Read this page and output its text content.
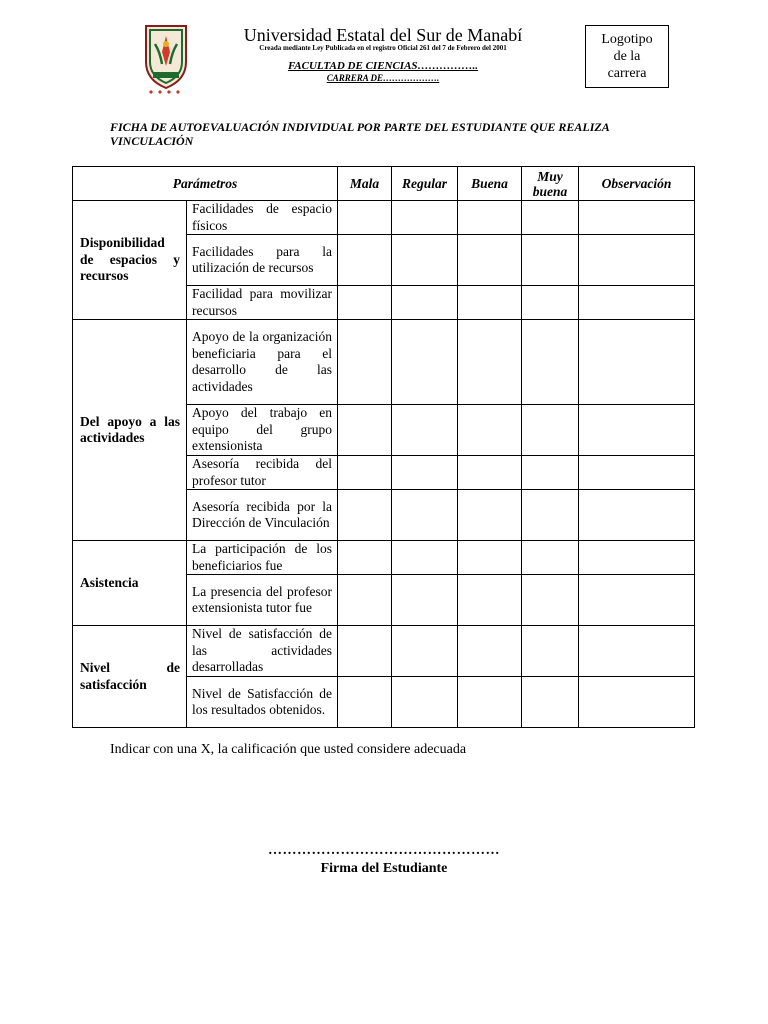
Universidad Estatal del Sur de Manabí
Creada mediante Ley Publicada en el registro Oficial 261 del 7 de Febrero del 2001
FACULTAD DE CIENCIAS……………..
CARRERA DE……………….
Logotipo de la carrera
FICHA DE AUTOEVALUACIÓN INDIVIDUAL POR PARTE DEL ESTUDIANTE QUE REALIZA VINCULACIÓN
Parámetros		Mala	Regular	Buena	Muy buena	Observación

Disponibilidad de espacios y recursos	Facilidades de espacio físicos					
	Facilidades para la utilización de recursos					
	Facilidad para movilizar recursos					

Del apoyo a las actividades	Apoyo de la organización beneficiaria para el desarrollo de las actividades					
	Apoyo del trabajo en equipo del grupo extensionista					
	Asesoría recibida del profesor tutor					
	Asesoría recibida por la Dirección de Vinculación					

Asistencia	La participación de los beneficiarios fue					
	La presencia del profesor extensionista tutor fue					

Nivel de satisfacción	Nivel de satisfacción de las actividades desarrolladas					
	Nivel de Satisfacción de los resultados obtenidos.					
Indicar con una X, la calificación que usted considere adecuada
…………………………………………
Firma del Estudiante
